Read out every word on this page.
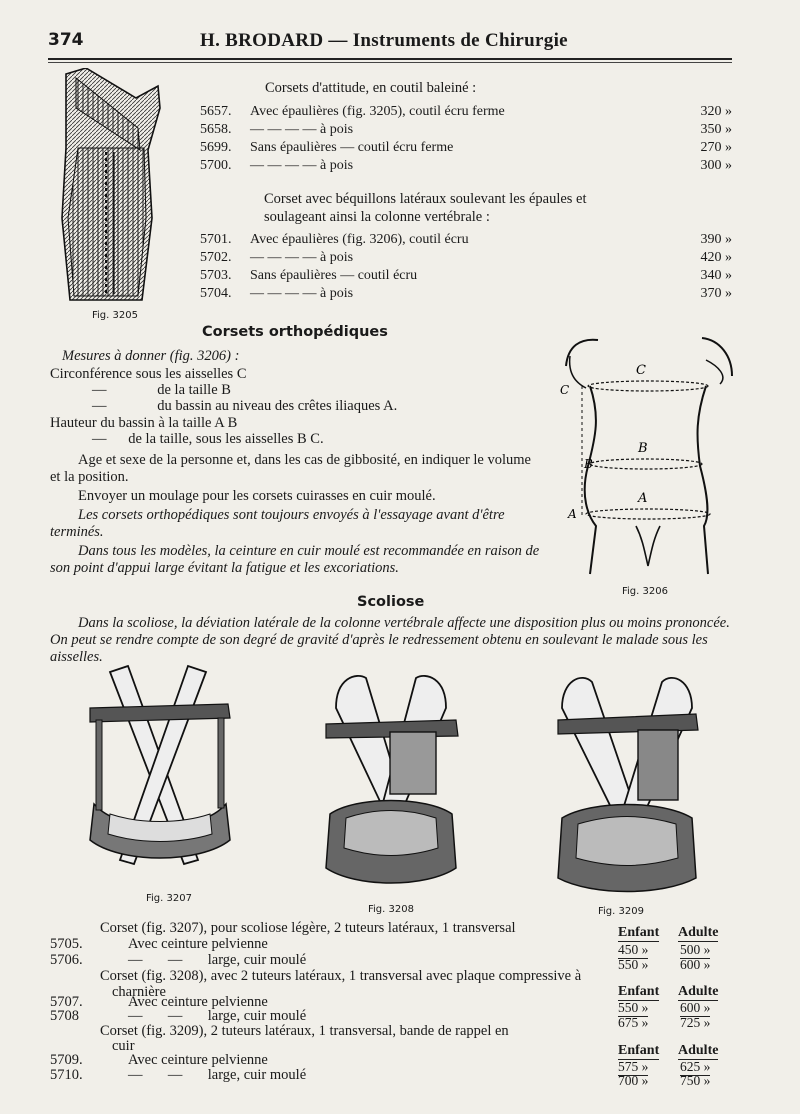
374	H. BRODARD — Instruments de Chirurgie
Fig. 3205
Corsets d'attitude, en coutil baleiné :
5657. Avec épaulières (fig. 3205), coutil écru ferme	320 »
5658. — — — — à pois	350 »
5699. Sans épaulières — coutil écru ferme	270 »
5700. — — — — à pois	300 »
Corset avec béquillons latéraux soulevant les épaules et
soulageant ainsi la colonne vertébrale :
5701. Avec épaulières (fig. 3206), coutil écru	390 »
5702. — — — — à pois	420 »
5703. Sans épaulières — coutil écru	340 »
5704. — — — — à pois	370 »
Corsets orthopédiques
Mesures à donner (fig. 3206) :
Circonférence sous les aisselles C
—              de la taille B
—              du bassin au niveau des crêtes iliaques A.
Hauteur du bassin à la taille A B
—      de la taille, sous les aisselles B C.
Age et sexe de la personne et, dans les cas de gibbosité, en indiquer le volume et la position.
Envoyer un moulage pour les corsets cuirasses en cuir moulé.
Les corsets orthopédiques sont toujours envoyés à l'essayage avant d'être terminés.
Dans tous les modèles, la ceinture en cuir moulé est recommandée en raison de son point d'appui large évitant la fatigue et les excoriations.
C
C
B
B
A
A
Fig. 3206
Scoliose
Dans la scoliose, la déviation latérale de la colonne vertébrale affecte une disposition plus ou moins prononcée. On peut se rendre compte de son degré de gravité d'après le redressement obtenu en soulevant le malade sous les aisselles.
Fig. 3207
Fig. 3208	Fig. 3209
Corset (fig. 3207), pour scoliose légère, 2 tuteurs latéraux, 1 transversal	Enfant Adulte
5705.	Avec ceinture pelvienne	450 » 500 »
5706.	—       —       large, cuir moulé	550 » 600 »
Corset (fig. 3208), avec 2 tuteurs latéraux, 1 transversal avec plaque compressive à
charnière	Enfant Adulte
5707.	Avec ceinture pelvienne	550 » 600 »
5708	—       —       large, cuir moulé	675 » 725 »
Corset (fig. 3209), 2 tuteurs latéraux, 1 transversal, bande de rappel en
cuir	Enfant Adulte
5709.	Avec ceinture pelvienne	575 » 625 »
5710.	—       —       large, cuir moulé	700 » 750 »
